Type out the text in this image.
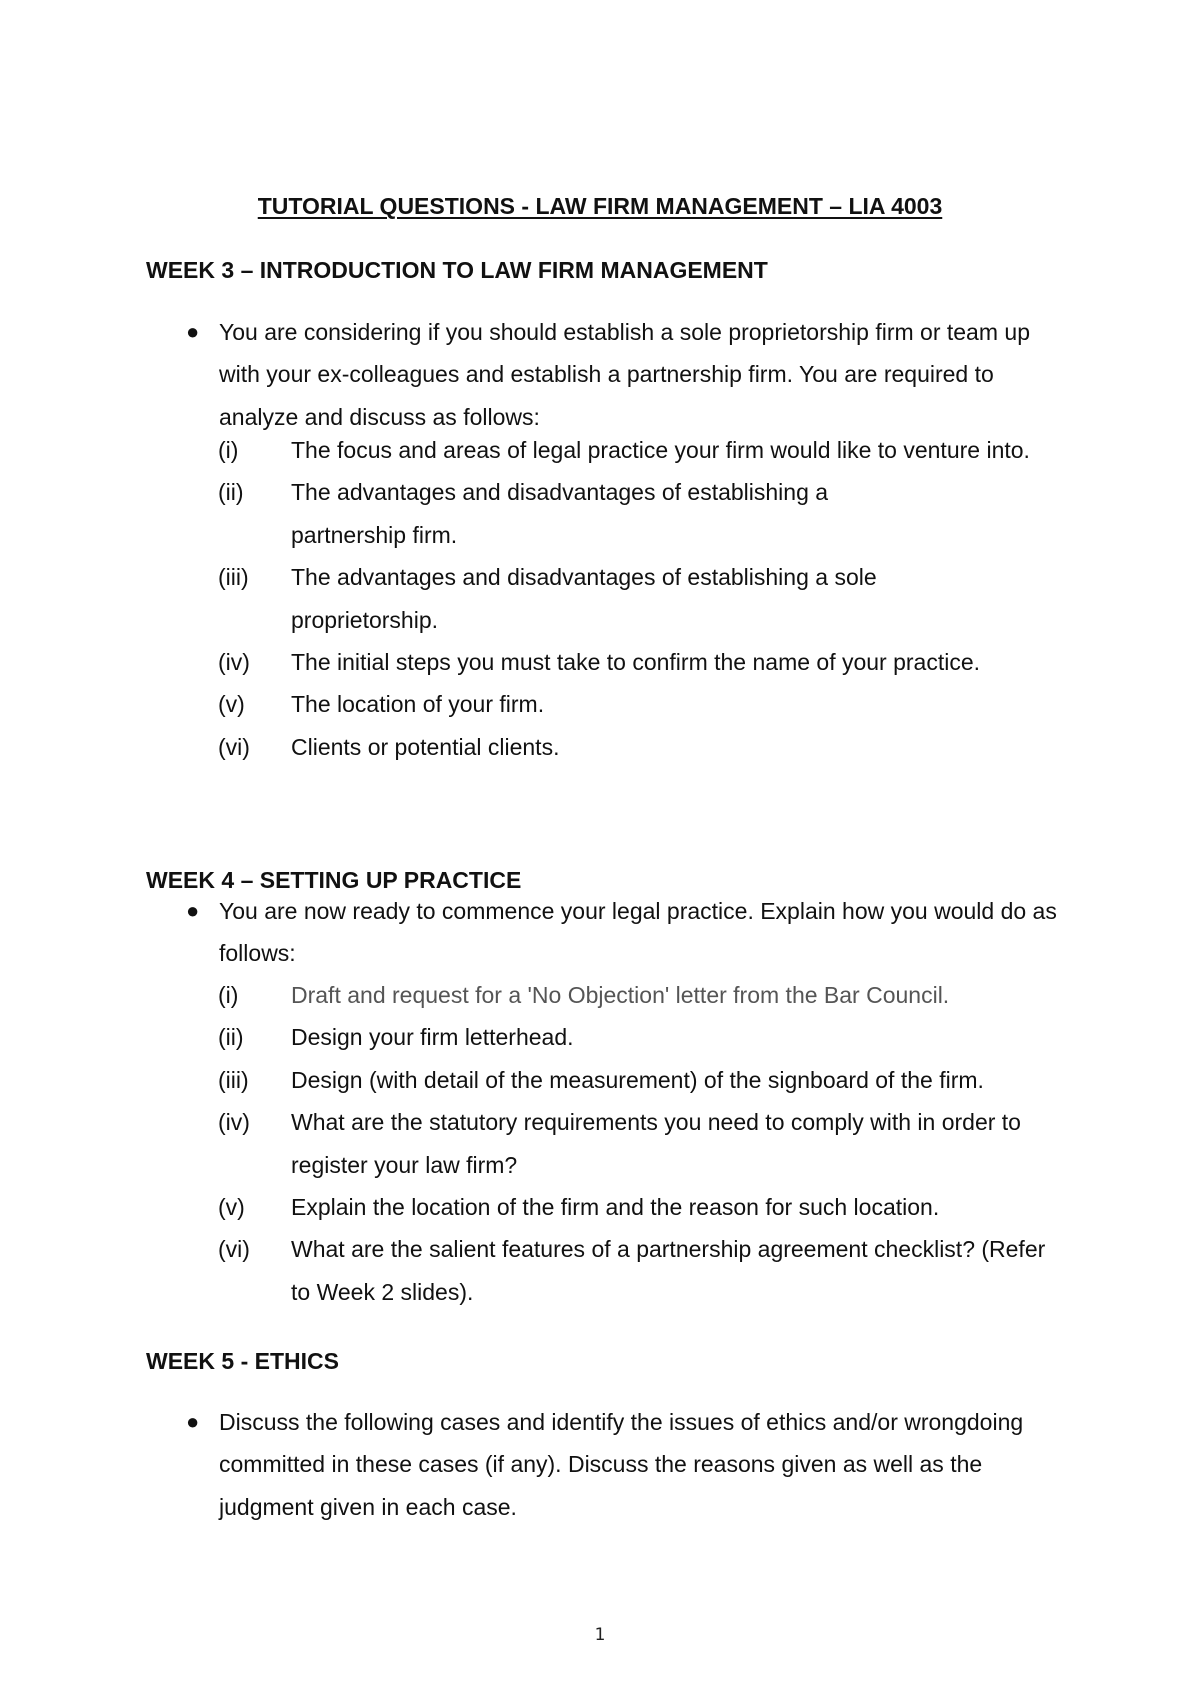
TUTORIAL QUESTIONS - LAW FIRM MANAGEMENT – LIA 4003
WEEK 3 – INTRODUCTION TO LAW FIRM MANAGEMENT
● You are considering if you should establish a sole proprietorship firm or team up with your ex-colleagues and establish a partnership firm. You are required to analyze and discuss as follows:
(i)	The focus and areas of legal practice your firm would like to venture into.
(ii)	The advantages and disadvantages of establishing a partnership firm.
(iii)	The advantages and disadvantages of establishing a sole proprietorship.
(iv)	The initial steps you must take to confirm the name of your practice.
(v)	The location of your firm.
(vi)	Clients or potential clients.
WEEK 4 – SETTING UP PRACTICE
● You are now ready to commence your legal practice. Explain how you would do as follows:
(i)	Draft and request for a 'No Objection' letter from the Bar Council.
(ii)	Design your firm letterhead.
(iii)	Design (with detail of the measurement) of the signboard of the firm.
(iv)	What are the statutory requirements you need to comply with in order to register your law firm?
(v)	Explain the location of the firm and the reason for such location.
(vi)	What are the salient features of a partnership agreement checklist? (Refer to Week 2 slides).
WEEK 5 - ETHICS
● Discuss the following cases and identify the issues of ethics and/or wrongdoing committed in these cases (if any). Discuss the reasons given as well as the judgment given in each case.
1
